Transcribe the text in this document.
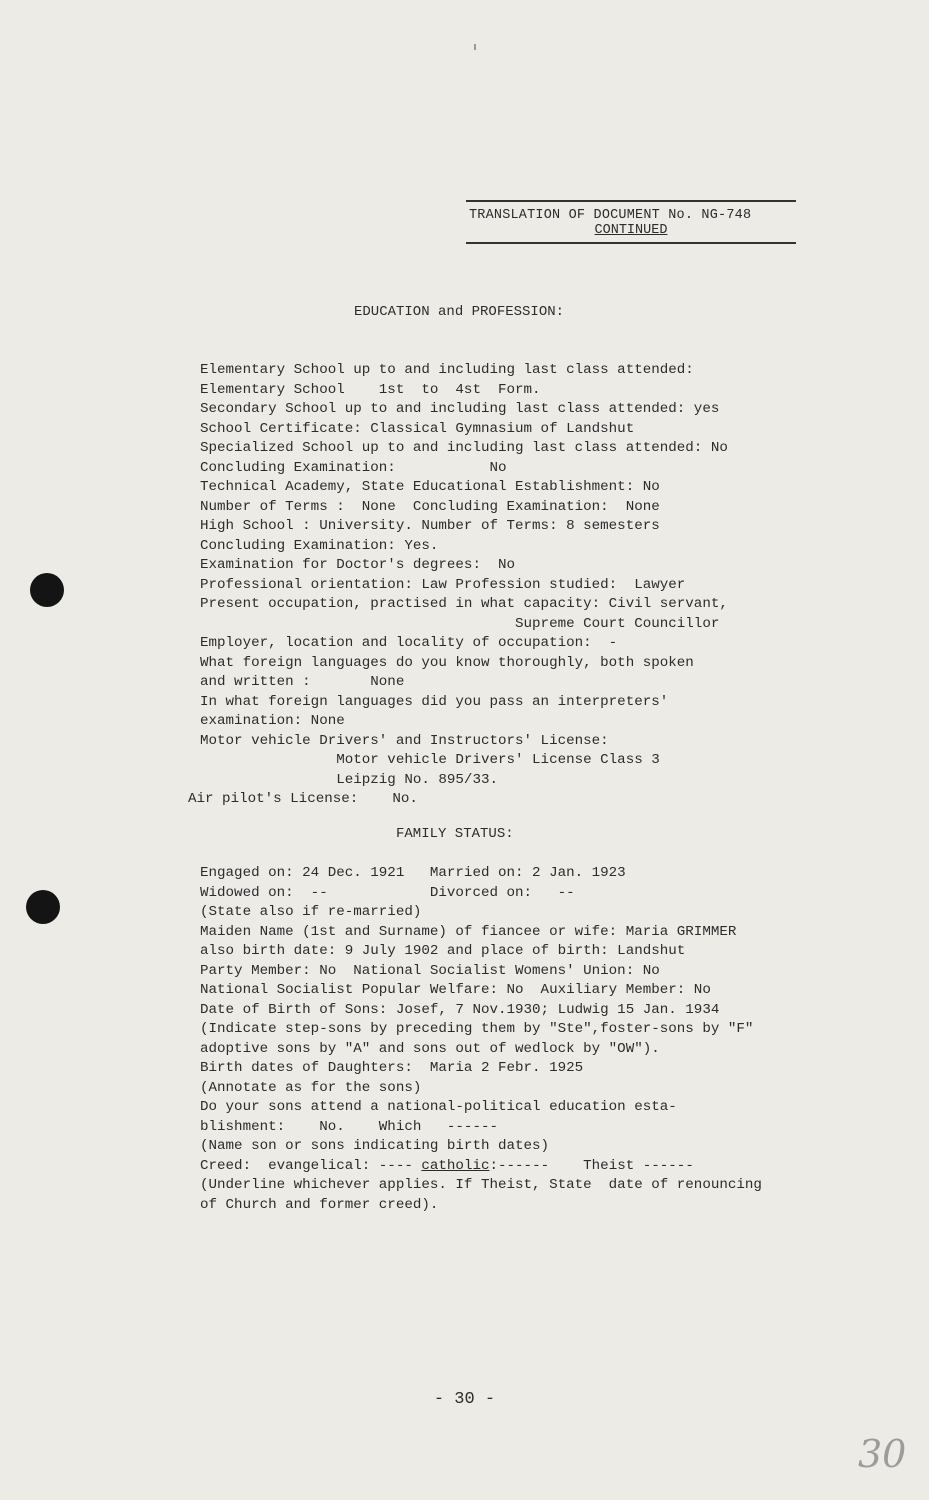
TRANSLATION OF DOCUMENT No. NG-748
CONTINUED
EDUCATION and PROFESSION:
Elementary School up to and including last class attended:
Elementary School    1st  to  4st  Form.
Secondary School up to and including last class attended: yes
School Certificate: Classical Gymnasium of Landshut
Specialized School up to and including last class attended: No
Concluding Examination:           No
Technical Academy, State Educational Establishment: No
Number of Terms :  None  Concluding Examination:  None
High School : University. Number of Terms: 8 semesters
Concluding Examination: Yes.
Examination for Doctor's degrees:  No
Professional orientation: Law Profession studied:  Lawyer
Present occupation, practised in what capacity: Civil servant,
Supreme Court Councillor
Employer, location and locality of occupation:  -
What foreign languages do you know thoroughly, both spoken
and written :       None
In what foreign languages did you pass an interpreters'
examination: None
Motor vehicle Drivers' and Instructors' License:
Motor vehicle Drivers' License Class 3
Leipzig No. 895/33.
Air pilot's License:    No.
FAMILY STATUS:
Engaged on: 24 Dec. 1921   Married on: 2 Jan. 1923
Widowed on:  --            Divorced on:   --
(State also if re-married)
Maiden Name (1st and Surname) of fiancee or wife: Maria GRIMMER
also birth date: 9 July 1902 and place of birth: Landshut
Party Member: No  National Socialist Womens' Union: No
National Socialist Popular Welfare: No  Auxiliary Member: No
Date of Birth of Sons: Josef, 7 Nov.1930; Ludwig 15 Jan. 1934
(Indicate step-sons by preceding them by "Ste",foster-sons by "F"
adoptive sons by "A" and sons out of wedlock by "OW").
Birth dates of Daughters:  Maria 2 Febr. 1925
(Annotate as for the sons)
Do your sons attend a national-political education esta-
blishment:    No.    Which   ------
(Name son or sons indicating birth dates)
Creed:  evangelical: ---- catholic:------    Theist ------
(Underline whichever applies. If Theist, State  date of renouncing
of Church and former creed).
- 30 -
30
